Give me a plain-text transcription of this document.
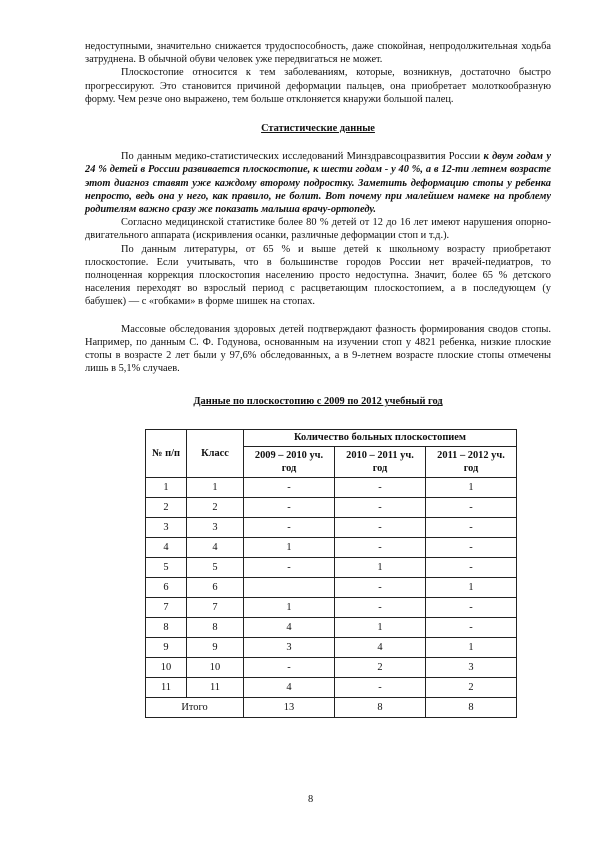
недоступными, значительно снижается трудоспособность, даже спокойная, непродолжительная ходьба затруднена. В обычной обуви человек уже передвигаться не может.

Плоскостопие относится к тем заболеваниям, которые, возникнув, достаточно быстро прогрессируют. Это становится причиной деформации пальцев, она приобретает молоткообразную форму. Чем резче оно выражено, тем больше отклоняется кнаружи большой палец.

Статистические данные

По данным медико-статистических исследований Минздравсоцразвития России к двум годам у 24 % детей в России развивается плоскостопие, к шести годам - у 40 %, а в 12-ти летнем возрасте этот диагноз ставят уже каждому второму подростку. Заметить деформацию стопы у ребенка непросто, ведь она у него, как правило, не болит. Вот почему при малейшем намеке на проблему родителям важно сразу же показать малыша врачу-ортопеду.

Согласно медицинской статистике более 80 % детей от 12 до 16 лет имеют нарушения опорно-двигательного аппарата (искривления осанки, различные деформации стоп и т.д.).

По данным литературы, от 65 % и выше детей к школьному возрасту приобретают плоскостопие. Если учитывать, что в большинстве городов России нет врачей-педиатров, то полноценная коррекция плоскостопия населению просто недоступна. Значит, более 65 % детского населения переходят во взрослый период с расцветающим плоскостопием, а в последующем (у бабушек) — с «гобками» в форме шишек на стопах.

Массовые обследования здоровых детей подтверждают фазность формирования сводов стопы. Например, по данным С. Ф. Годунова, основанным на изучении стоп у 4821 ребенка, низкие плоские стопы в возрасте 2 лет были у 97,6% обследованных, а в 9-летнем возрасте плоские стопы отмечены лишь в 5,1% случаев.

Данные по плоскостопию с 2009 по 2012 учебный год

№ п/п	Класс	Количество больных плоскостопием		
		2009 – 2010 уч. год	2010 – 2011 уч. год	2011 – 2012 уч. год
1	1	-	-	1
2	2	-	-	-
3	3	-	-	-
4	4	1	-	-
5	5	-	1	-
6	6		-	1
7	7	1	-	-
8	8	4	1	-
9	9	3	4	1
10	10	-	2	3
11	11	4	-	2
Итого		13	8	8
8
